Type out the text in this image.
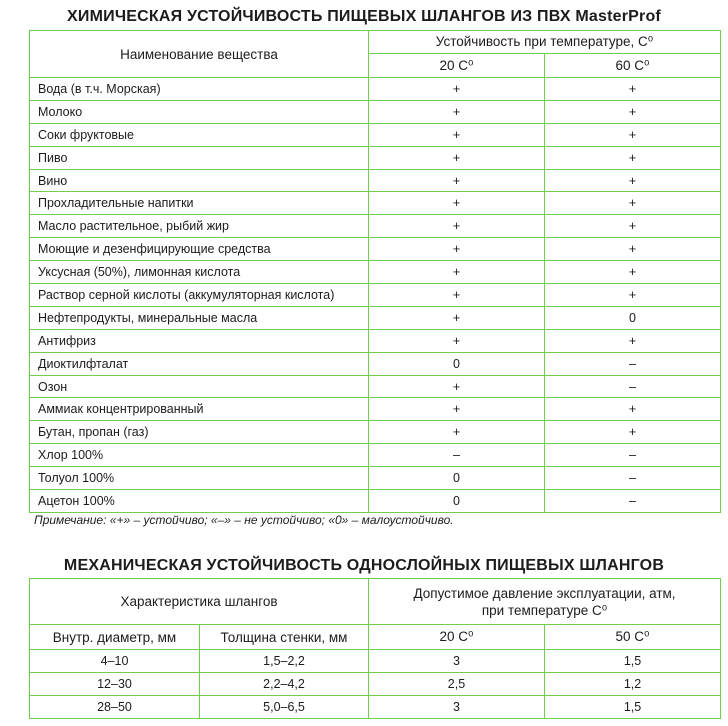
ХИМИЧЕСКАЯ УСТОЙЧИВОСТЬ ПИЩЕВЫХ ШЛАНГОВ ИЗ ПВХ MasterProf
Наименование вещества	Устойчивость при температуре, С⁰	
	20 С⁰	60 С⁰
Вода (в т.ч. Морская)	+	+
Молоко	+	+
Соки фруктовые	+	+
Пиво	+	+
Вино	+	+
Прохладительные напитки	+	+
Масло растительное, рыбий жир	+	+
Моющие и дезенфицирующие средства	+	+
Уксусная (50%), лимонная кислота	+	+
Раствор серной кислоты (аккумуляторная кислота)	+	+
Нефтепродукты, минеральные масла	+	0
Антифриз	+	+
Диоктилфталат	0	–
Озон	+	–
Аммиак концентрированный	+	+
Бутан, пропан (газ)	+	+
Хлор 100%	–	–
Толуол 100%	0	–
Ацетон 100%	0	–
Примечание: «+» – устойчиво; «–» – не устойчиво; «0» – малоустойчиво.
МЕХАНИЧЕСКАЯ УСТОЙЧИВОСТЬ ОДНОСЛОЙНЫХ ПИЩЕВЫХ ШЛАНГОВ
Характеристика шлангов		Допустимое давление эксплуатации, атм,
при температуре С⁰	
Внутр. диаметр, мм	Толщина стенки, мм	20 С⁰	50 С⁰
4–10	1,5–2,2	3	1,5
12–30	2,2–4,2	2,5	1,2
28–50	5,0–6,5	3	1,5
